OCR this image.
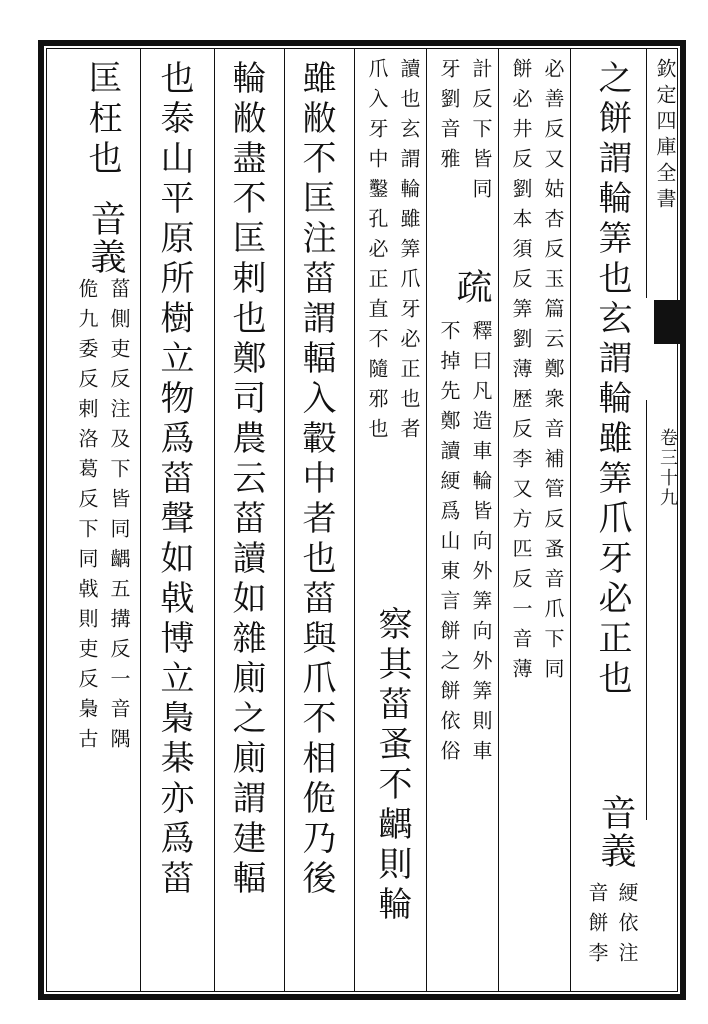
欽定四庫全書
卷三十九
之餅謂輪筭也玄謂輪雖筭爪牙必正也
音義
綆依注
音餅李
必善反又姑杏反玉篇云鄭衆音補管反蚤音爪下同
餅必井反劉本須反筭劉薄歴反李又方匹反一音薄
計反下皆同
牙劉音雅
疏
釋曰凡造車輪皆向外筭向外筭則車
不掉先鄭讀綆爲山東言餅之餅依俗
讀也玄謂輪雖筭爪牙必正也者
爪入牙中鑿孔必正直不隨邪也
察其菑蚤不齵則輪
雖敝不匡注菑謂輻入轂中者也菑與爪不相佹乃後
輪敝盡不匡剌也鄭司農云菑讀如雜廁之廁謂建輻
也泰山平原所樹立物爲菑聲如㦸博立梟棊亦爲菑
匡枉也
音義
菑側吏反注及下皆同齵五搆反一音隅
佹九委反剌洛葛反下同㦸則吏反梟古
